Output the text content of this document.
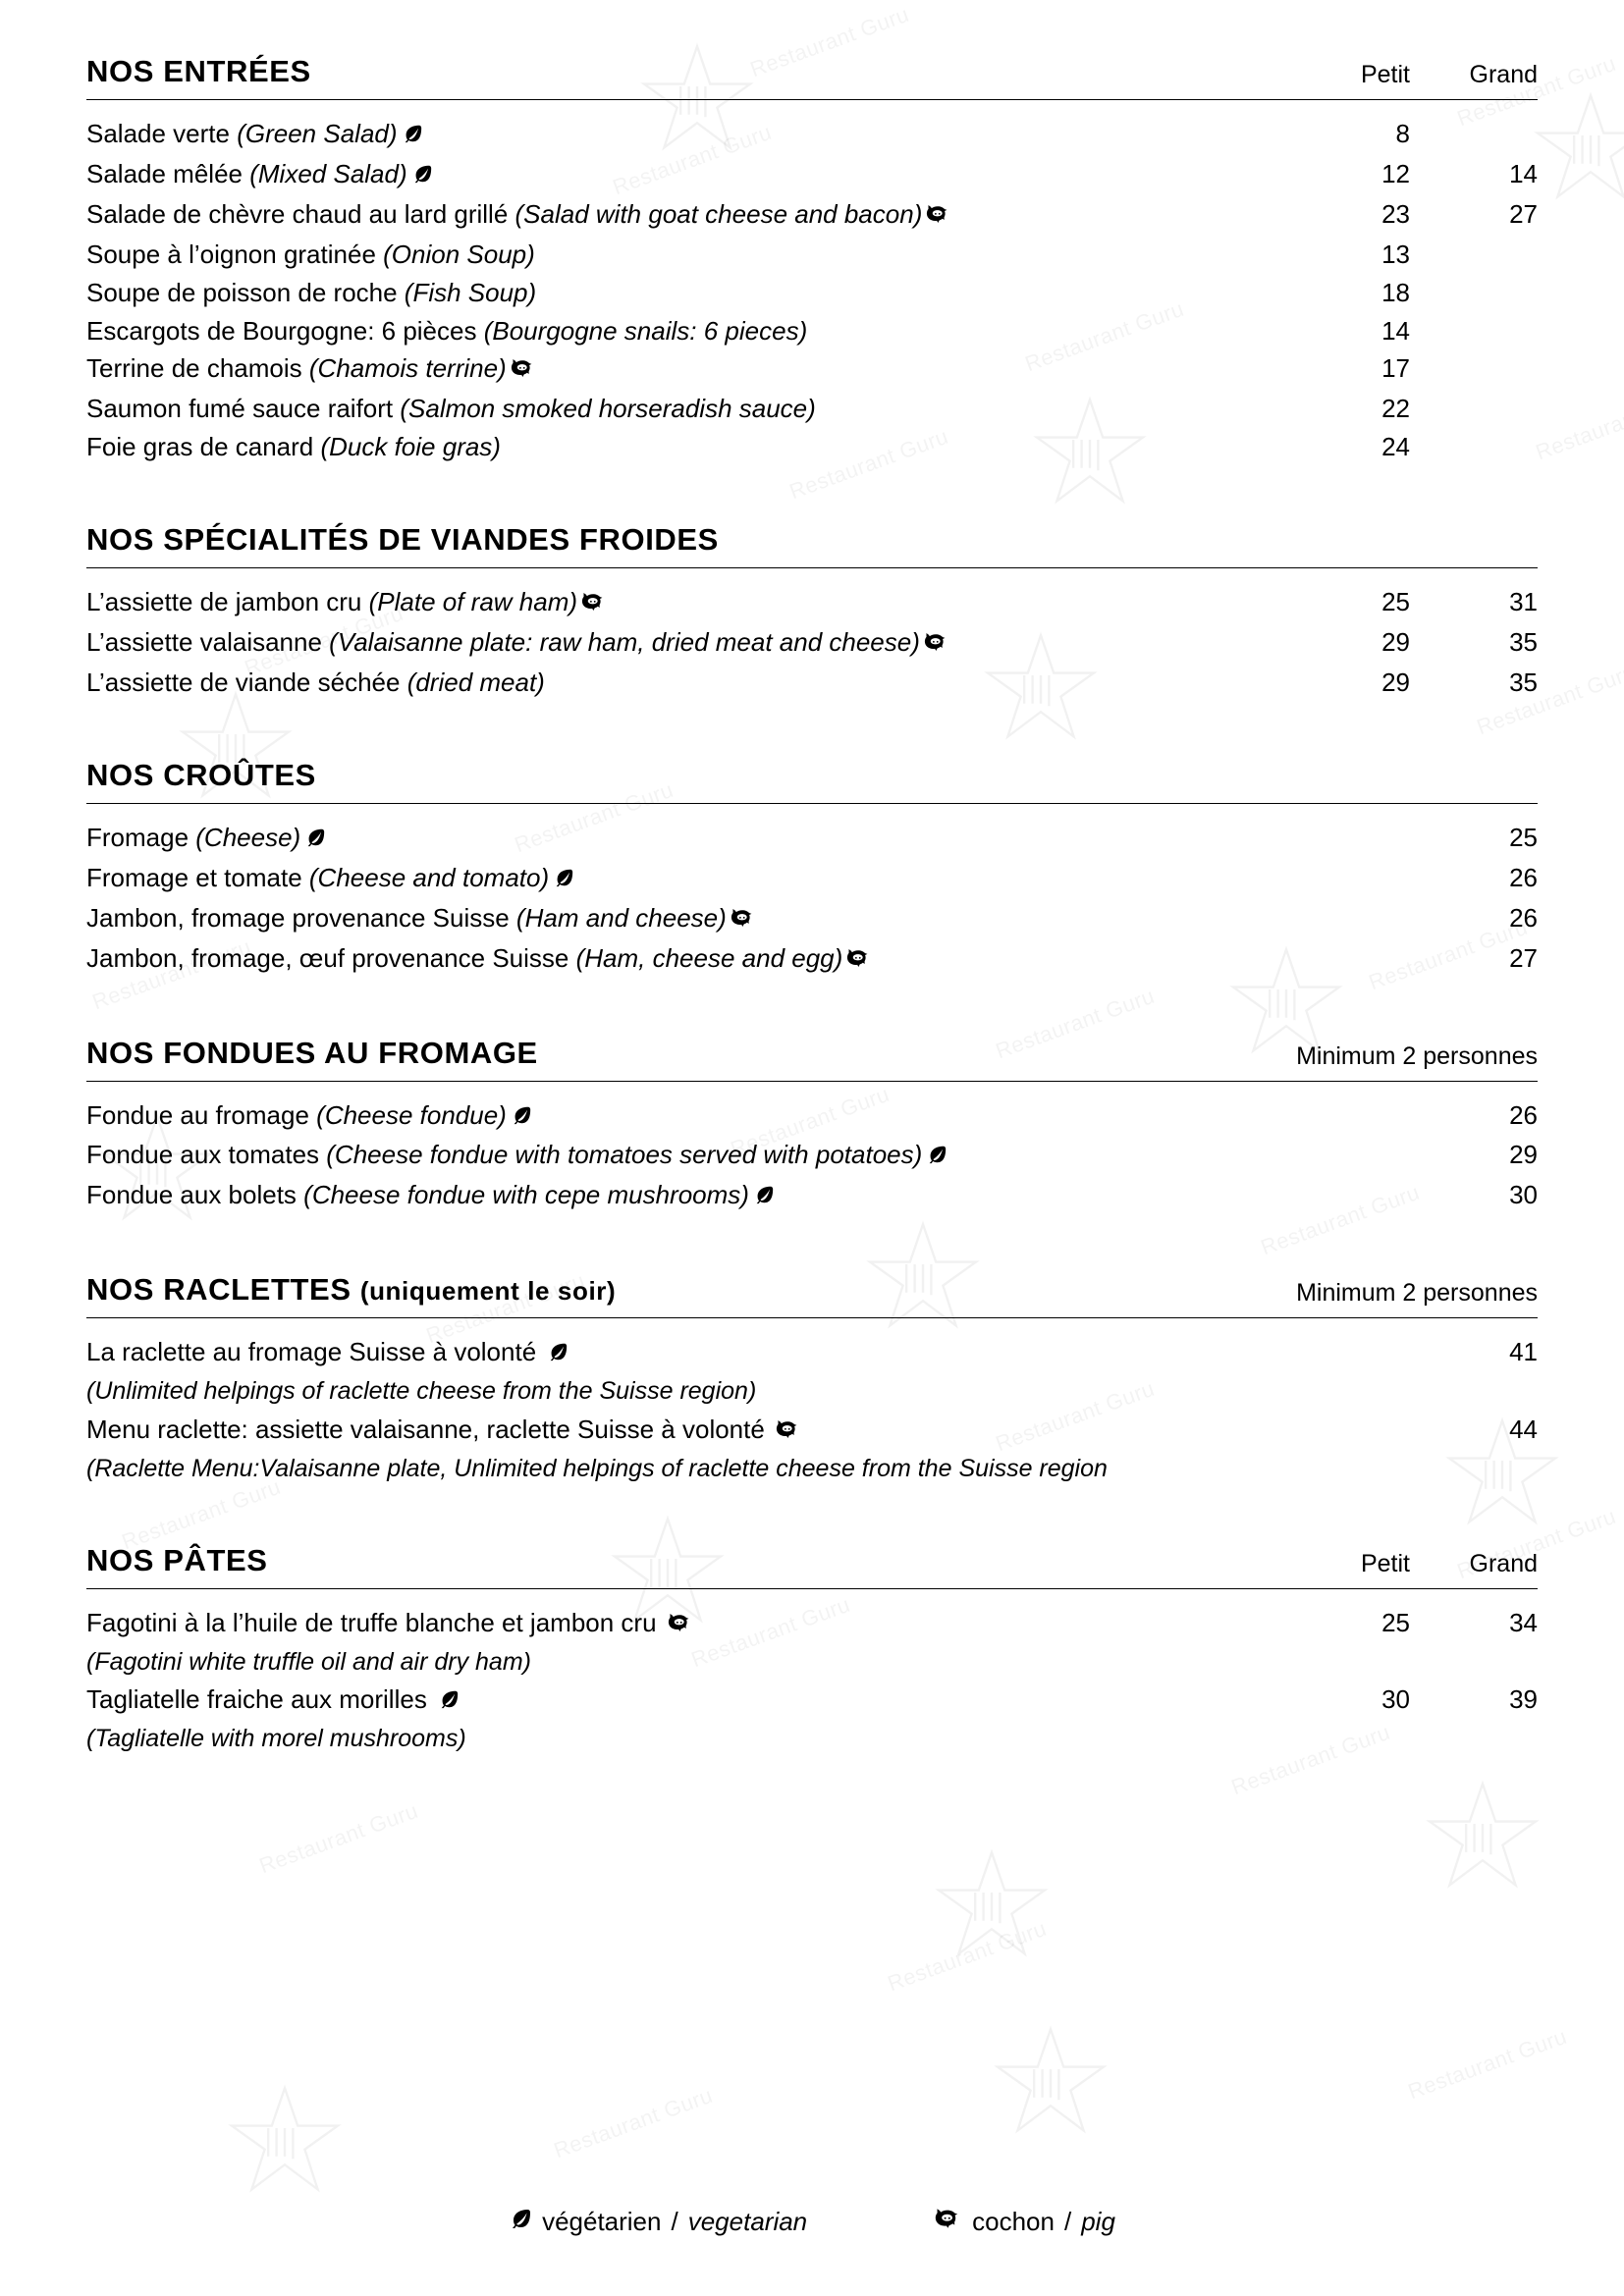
NOS ENTRÉES	Petit	Grand
Salade verte (Green Salad)	8
Salade mêlée (Mixed Salad)	12	14
Salade de chèvre chaud au lard grillé (Salad with goat cheese and bacon)	23	27
Soupe à l’oignon gratinée (Onion Soup)	13
Soupe de poisson de roche (Fish Soup)	18
Escargots de Bourgogne: 6 pièces (Bourgogne snails: 6 pieces)	14
Terrine de chamois (Chamois terrine)	17
Saumon fumé sauce raifort (Salmon smoked horseradish sauce)	22
Foie gras de canard (Duck foie gras)	24
NOS SPÉCIALITÉS DE VIANDES FROIDES
L’assiette de jambon cru (Plate of raw ham)	25	31
L’assiette valaisanne (Valaisanne plate: raw ham, dried meat and cheese)	29	35
L’assiette de viande séchée (dried meat)	29	35
NOS CROÛTES
Fromage (Cheese)	25
Fromage et tomate (Cheese and tomato)	26
Jambon, fromage provenance Suisse (Ham and cheese)	26
Jambon, fromage, œuf provenance Suisse (Ham, cheese and egg)	27
NOS FONDUES AU FROMAGE	Minimum 2 personnes
Fondue au fromage (Cheese fondue)	26
Fondue aux tomates (Cheese fondue with tomatoes served with potatoes)	29
Fondue aux bolets (Cheese fondue with cepe mushrooms)	30
NOS RACLETTES (uniquement le soir)	Minimum 2 personnes
La raclette au fromage Suisse à volonté	41
(Unlimited helpings of raclette cheese from the Suisse region)
Menu raclette: assiette valaisanne, raclette Suisse à volonté	44
(Raclette Menu:Valaisanne plate, Unlimited helpings of raclette cheese from the Suisse region
NOS PÂTES	Petit	Grand
Fagotini à la l’huile de truffe blanche et jambon cru	25	34
(Fagotini white truffle oil and air dry ham)
Tagliatelle fraiche aux morilles	30	39
(Tagliatelle with morel mushrooms)
végétarien / vegetarian	cochon / pig
